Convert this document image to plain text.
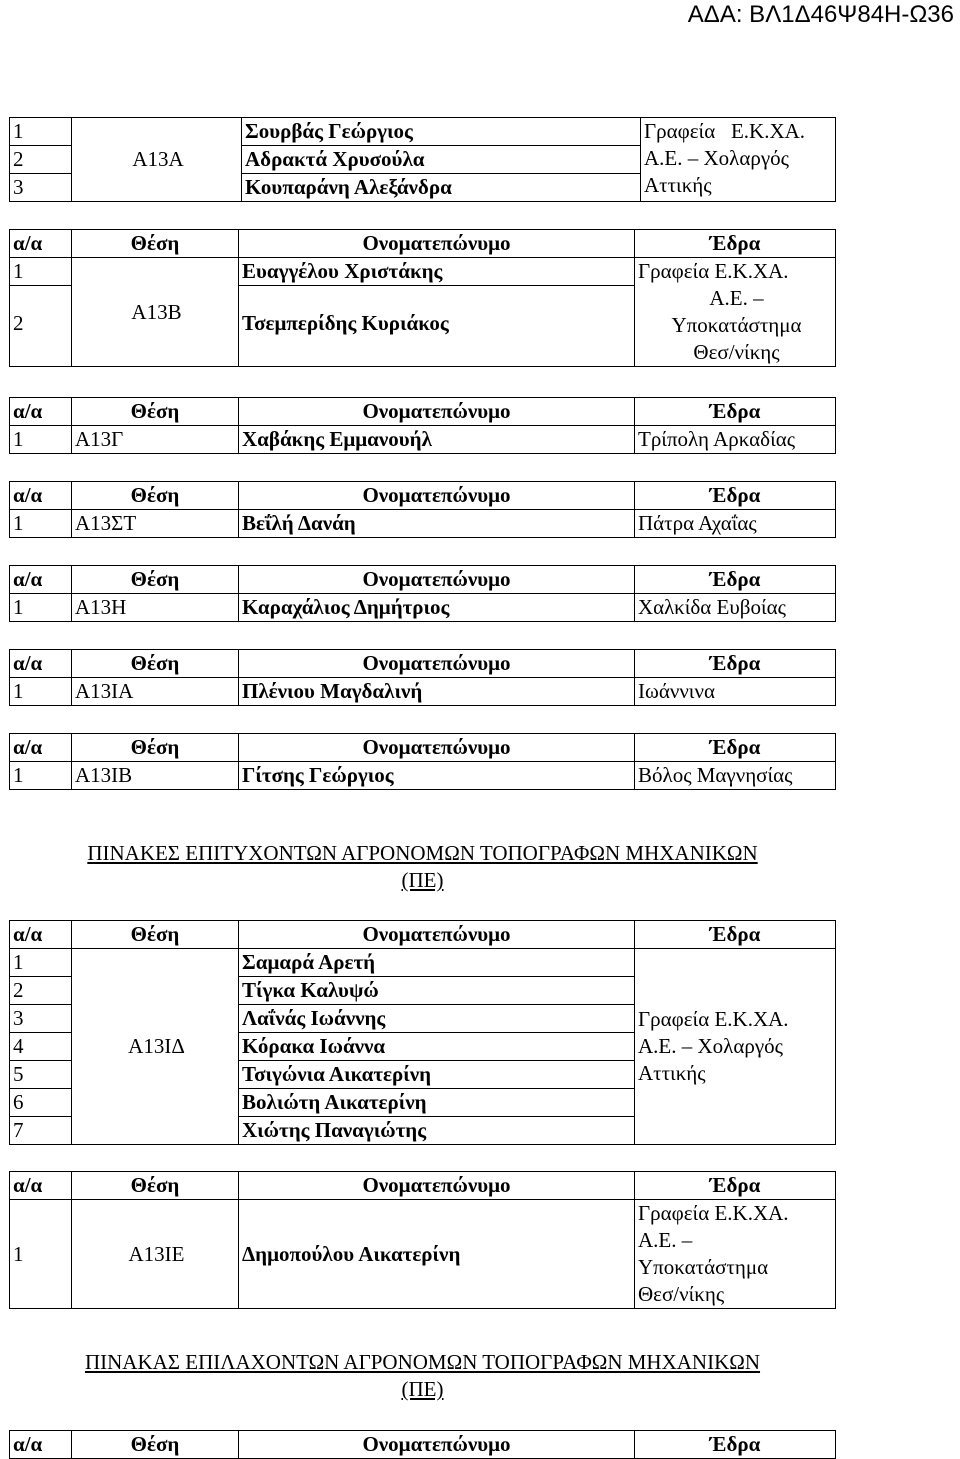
ΑΔΑ: ΒΛ1Δ46Ψ84Η-Ω36
1	Α13Α	Σουρβάς Γεώργιος	Γραφεία   Ε.Κ.ΧΑ.
Α.Ε. – Χολαργός
Αττικής

2		Αδρακτά Χρυσούλα	
3		Κουπαράνη Αλεξάνδρα	
α/α	Θέση	Ονοματεπώνυμο	Έδρα
1	Α13Β	Ευαγγέλου Χριστάκης	Γραφεία Ε.Κ.ΧΑ.
Α.Ε. –
Υποκατάστημα
Θεσ/νίκης

2		Τσεμπερίδης Κυριάκος	
α/α	Θέση	Ονοματεπώνυμο	Έδρα
1	Α13Γ	Χαβάκης Εμμανουήλ	Τρίπολη Αρκαδίας
α/α	Θέση	Ονοματεπώνυμο	Έδρα
1	Α13ΣΤ	Βεΐλή Δανάη	Πάτρα Αχαΐας
α/α	Θέση	Ονοματεπώνυμο	Έδρα
1	Α13Η	Καραχάλιος Δημήτριος	Χαλκίδα Ευβοίας
α/α	Θέση	Ονοματεπώνυμο	Έδρα
1	Α13ΙΑ	Πλένιου Μαγδαλινή	Ιωάννινα
α/α	Θέση	Ονοματεπώνυμο	Έδρα
1	Α13ΙΒ	Γίτσης Γεώργιος	Βόλος Μαγνησίας
ΠΙΝΑΚΕΣ ΕΠΙΤΥΧΟΝΤΩΝ ΑΓΡΟΝΟΜΩΝ ΤΟΠΟΓΡΑΦΩΝ ΜΗΧΑΝΙΚΩΝ
(ΠΕ)
α/α	Θέση	Ονοματεπώνυμο	Έδρα
1	Α13ΙΔ	Σαμαρά Αρετή	Γραφεία Ε.Κ.ΧΑ.
Α.Ε. – Χολαργός
Αττικής

2		Τίγκα Καλυψώ	
3		Λαΐνάς Ιωάννης	
4		Κόρακα Ιωάννα	
5		Τσιγώνια Αικατερίνη	
6		Βολιώτη Αικατερίνη	
7		Χιώτης Παναγιώτης	
α/α	Θέση	Ονοματεπώνυμο	Έδρα
1	Α13ΙΕ	Δημοπούλου Αικατερίνη	Γραφεία Ε.Κ.ΧΑ.
Α.Ε. –
Υποκατάστημα
Θεσ/νίκης
ΠΙΝΑΚΑΣ ΕΠΙΛΑΧΟΝΤΩΝ ΑΓΡΟΝΟΜΩΝ ΤΟΠΟΓΡΑΦΩΝ ΜΗΧΑΝΙΚΩΝ
(ΠΕ)
α/α	Θέση	Ονοματεπώνυμο	Έδρα
